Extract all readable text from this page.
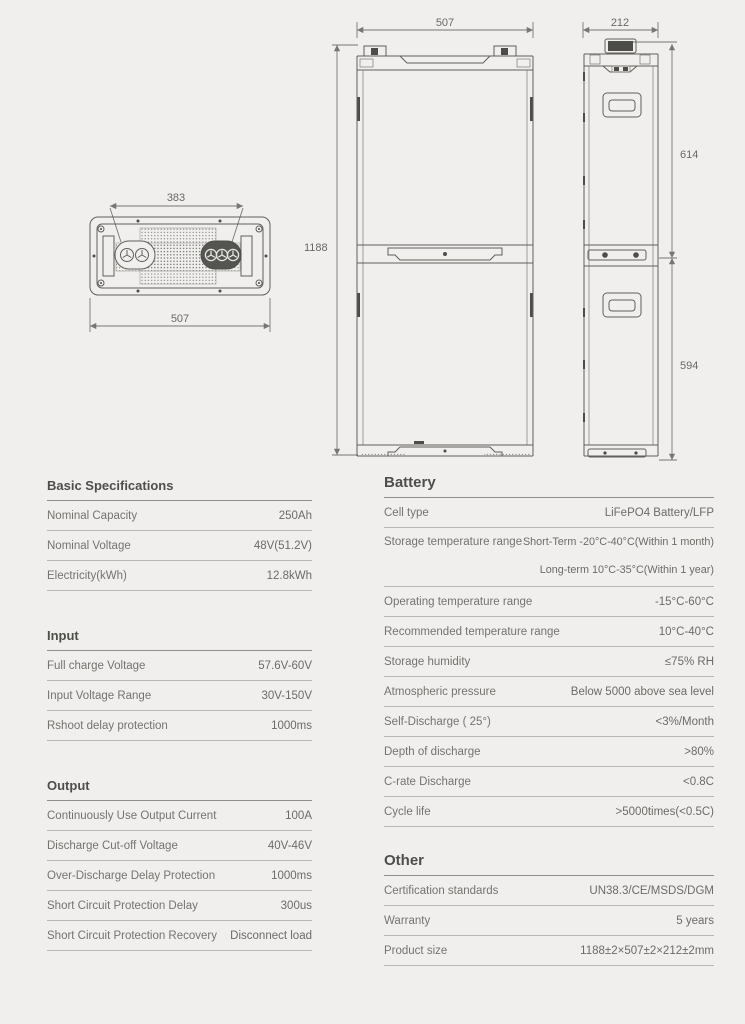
383
507
507
1188
212
614
594
Basic Specifications
Nominal Capacity	250Ah
Nominal Voltage	48V(51.2V)
Electricity(kWh)	12.8kWh
Input
Full charge Voltage	57.6V-60V
Input Voltage Range	30V-150V
Rshoot delay protection	1000ms
Output
Continuously Use Output Current	100A
Discharge Cut-off Voltage	40V-46V
Over-Discharge Delay Protection	1000ms
Short Circuit Protection Delay	300us
Short Circuit Protection Recovery Disconnect load
Battery
Cell type	LiFePO4 Battery/LFP
Storage temperature range Short-Term -20°C-40°C(Within 1 month)
Long-term 10°C-35°C(Within 1 year)
Operating temperature range	-15°C-60°C
Recommended temperature range	10°C-40°C
Storage humidity	≤75% RH
Atmospheric pressure	Below 5000 above sea level
Self-Discharge ( 25°)	<3%/Month
Depth of discharge	>80%
C-rate Discharge	<0.8C
Cycle life	>5000times(<0.5C)
Other
Certification standards	UN38.3/CE/MSDS/DGM
Warranty	5 years
Product size	1188±2×507±2×212±2mm
